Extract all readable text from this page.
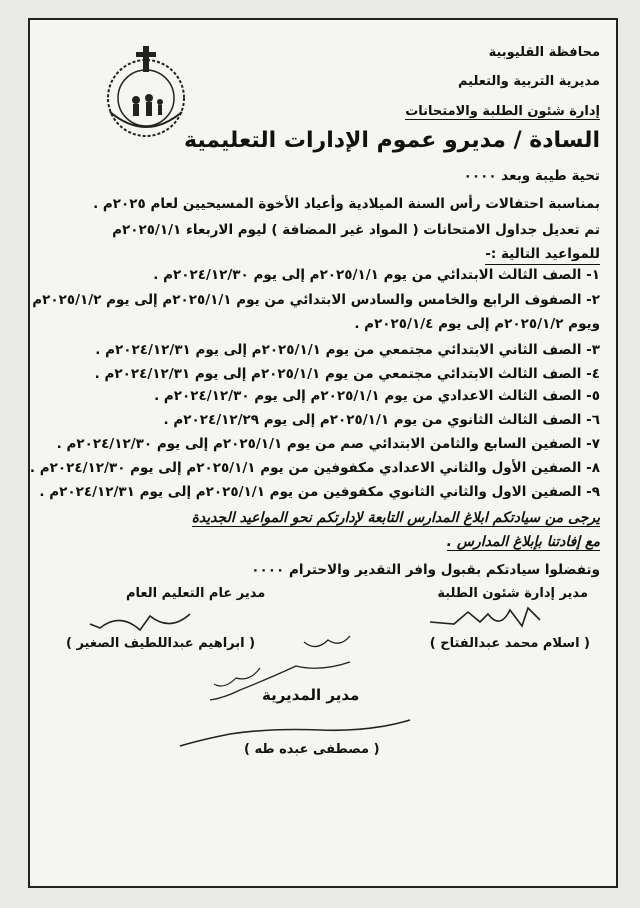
محافظة القليوبية
مديرية التربية والتعليم
إدارة شئون الطلبة والامتحانات
السادة / مديرو عموم الإدارات التعليمية
تحية طيبة وبعد ٠٠٠٠
بمناسبة احتفالات رأس السنة الميلادية وأعياد الأخوة المسيحيين لعام ٢٠٢٥م .
تم تعديل جداول الامتحانات ( المواد غير المضافة ) ليوم الاربعاء ٢٠٢٥/١/١م
للمواعيد التالية :-
١- الصف الثالث الابتدائي من يوم ٢٠٢٥/١/١م إلى يوم ٢٠٢٤/١٢/٣٠م .
٢- الصفوف الرابع والخامس والسادس الابتدائي من يوم ٢٠٢٥/١/١م إلى يوم ٢٠٢٥/١/٢م
ويوم ٢٠٢٥/١/٢م إلى يوم ٢٠٢٥/١/٤م .
٣- الصف الثاني الابتدائي مجتمعي من يوم ٢٠٢٥/١/١م إلى يوم ٢٠٢٤/١٢/٣١م .
٤- الصف الثالث الابتدائي مجتمعي من يوم ٢٠٢٥/١/١م إلى يوم ٢٠٢٤/١٢/٣١م .
٥- الصف الثالث الاعدادي من يوم ٢٠٢٥/١/١م إلى يوم ٢٠٢٤/١٢/٣٠م .
٦- الصف الثالث الثانوي من يوم ٢٠٢٥/١/١م إلى يوم ٢٠٢٤/١٢/٢٩م .
٧- الصفين السابع والثامن الابتدائي صم من يوم ٢٠٢٥/١/١م إلى يوم ٢٠٢٤/١٢/٣٠م .
٨- الصفين الأول والثاني الاعدادي مكفوفين من يوم ٢٠٢٥/١/١م إلى يوم ٢٠٢٤/١٢/٣٠م .
٩- الصفين الاول والثاني الثانوي مكفوفين من يوم ٢٠٢٥/١/١م إلى يوم ٢٠٢٤/١٢/٣١م .
يرجى من سيادتكم ابلاغ المدارس التابعة لإدارتكم نحو المواعيد الجديدة
مع إفادتنا بإبلاغ المدارس .
وتفضلوا سيادتكم بقبول وافر التقدير والاحترام ٠٠٠٠
مدير إدارة شئون الطلبة
( اسلام محمد عبدالفتاح )
مدير عام التعليم العام
( ابراهيم عبداللطيف الصغير )
مدير المديرية
( مصطفى عبده طه )
